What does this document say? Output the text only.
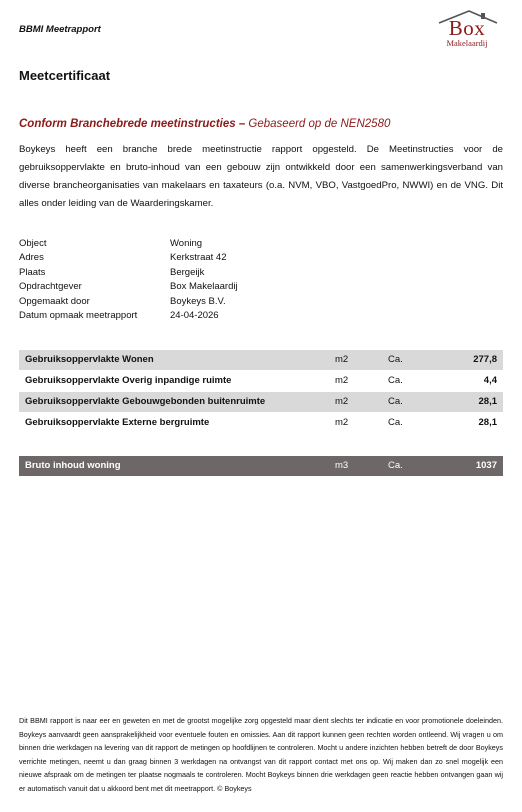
BBMI Meetrapport	Box
Makelaardij
Meetcertificaat
Conform Branchebrede meetinstructies – Gebaseerd op de NEN2580
Boykeys heeft een branche brede meetinstructie rapport opgesteld. De Meetinstructies voor de gebruiksoppervlakte en bruto-inhoud van een gebouw zijn ontwikkeld door een samenwerkingsverband van diverse brancheorganisaties van makelaars en taxateurs (o.a. NVM, VBO, VastgoedPro, NWWI) en de VNG. Dit alles onder leiding van de Waarderingskamer.
Object	Woning
Adres	Kerkstraat 42
Plaats	Bergeijk
Opdrachtgever	Box Makelaardij
Opgemaakt door	Boykeys B.V.
Datum opmaak meetrapport	24-04-2026
Gebruiksoppervlakte Wonen	m2	Ca.	277,8
Gebruiksoppervlakte Overig inpandige ruimte	m2	Ca.	4,4
Gebruiksoppervlakte Gebouwgebonden buitenruimte	m2	Ca.	28,1
Gebruiksoppervlakte Externe bergruimte	m2	Ca.	28,1
Bruto inhoud woning	m3	Ca.	1037
Dit BBMI rapport is naar eer en geweten en met de grootst mogelijke zorg opgesteld maar dient slechts ter indicatie en voor promotionele doeleinden. Boykeys aanvaardt geen aansprakelijkheid voor eventuele fouten en omissies. Aan dit rapport kunnen geen rechten worden ontleend. Wij vragen u om binnen drie werkdagen na levering van dit rapport de metingen op hoofdlijnen te controleren. Mocht u andere inzichten hebben betreft de door Boykeys verrichte metingen, neemt u dan graag binnen 3 werkdagen na ontvangst van dit rapport contact met ons op. Wij maken dan zo snel mogelijk een nieuwe afspraak om de metingen ter plaatse nogmaals te controleren. Mocht Boykeys binnen drie werkdagen geen reactie hebben ontvangen gaan wij er automatisch vanuit dat u akkoord bent met dit meetrapport. © Boykeys
